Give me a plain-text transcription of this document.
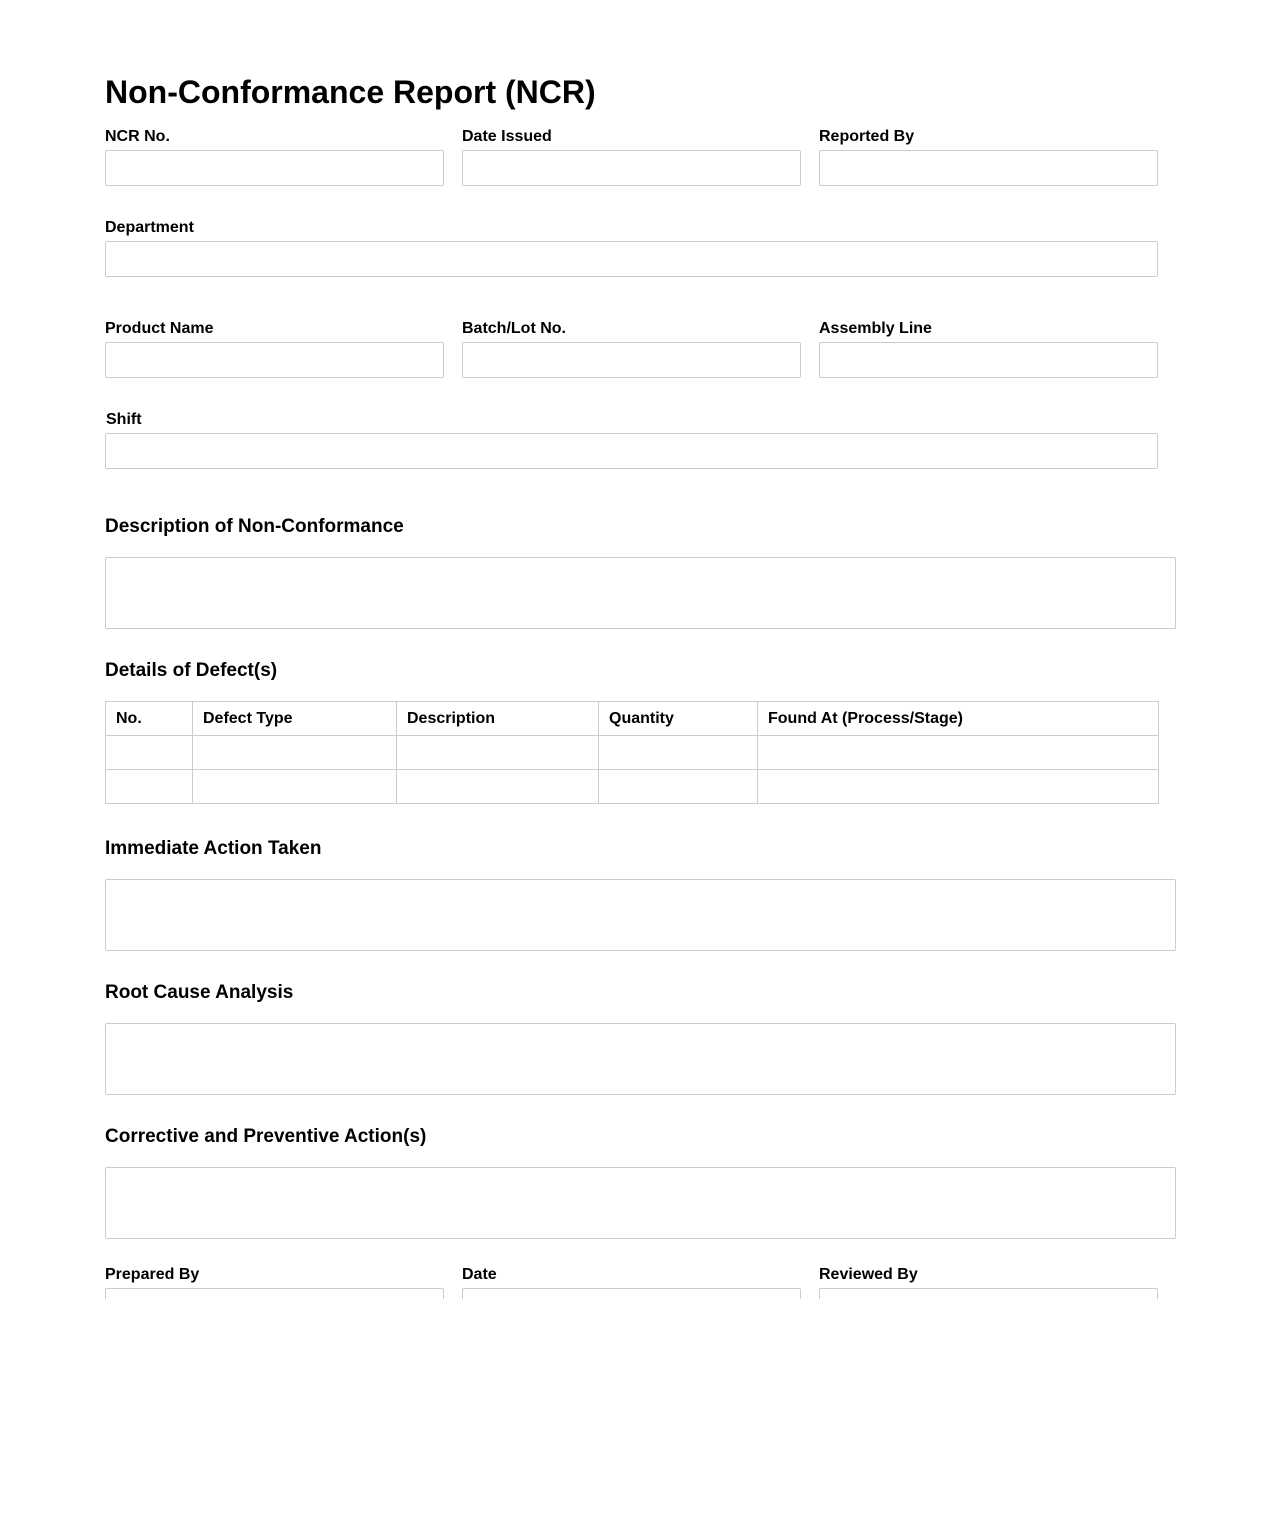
Non-Conformance Report (NCR)
NCR No.	Date Issued	Reported By
Department
Product Name	Batch/Lot No.	Assembly Line
Shift
Description of Non-Conformance
Details of Defect(s)
No.	Defect Type	Description	Quantity	Found At (Process/Stage)

Immediate Action Taken
Root Cause Analysis
Corrective and Preventive Action(s)
Prepared By	Date	Reviewed By
